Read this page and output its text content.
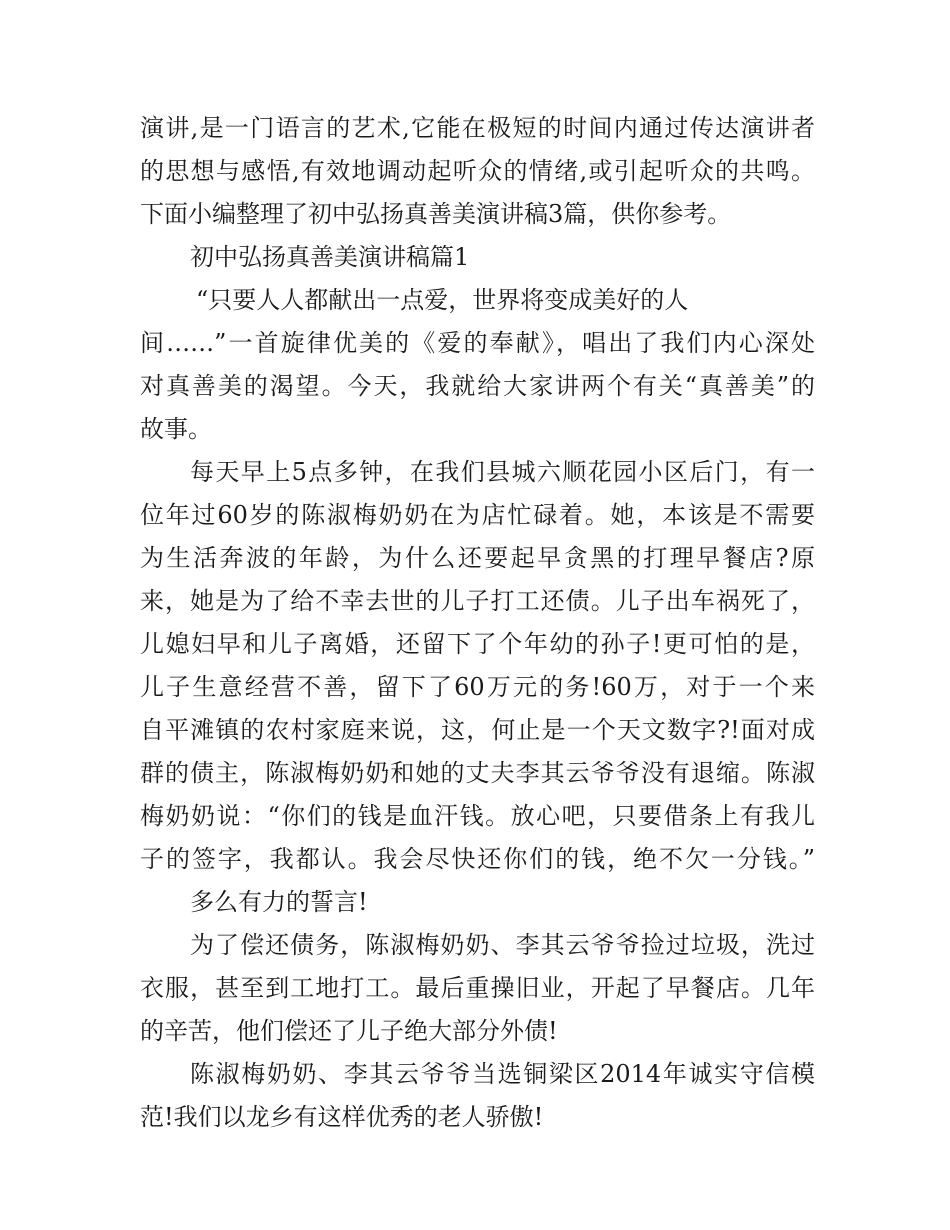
演讲,是一门语言的艺术,它能在极短的时间内通过传达演讲者
的思想与感悟,有效地调动起听众的情绪,或引起听众的共鸣。
下面小编整理了初中弘扬真善美演讲稿3篇，供你参考。
初中弘扬真善美演讲稿篇1
“只要人人都献出一点爱，世界将变成美好的人
间……”一首旋律优美的《爱的奉献》，唱出了我们内心深处
对真善美的渴望。今天，我就给大家讲两个有关“真善美”的
故事。
每天早上5点多钟，在我们县城六顺花园小区后门，有一
位年过60岁的陈淑梅奶奶在为店忙碌着。她，本该是不需要
为生活奔波的年龄，为什么还要起早贪黑的打理早餐店?原
来，她是为了给不幸去世的儿子打工还债。儿子出车祸死了，
儿媳妇早和儿子离婚，还留下了个年幼的孙子!更可怕的是，
儿子生意经营不善，留下了60万元的务!60万，对于一个来
自平滩镇的农村家庭来说，这，何止是一个天文数字?!面对成
群的债主，陈淑梅奶奶和她的丈夫李其云爷爷没有退缩。陈淑
梅奶奶说：“你们的钱是血汗钱。放心吧，只要借条上有我儿
子的签字，我都认。我会尽快还你们的钱，绝不欠一分钱。”
多么有力的誓言!
为了偿还债务，陈淑梅奶奶、李其云爷爷捡过垃圾，洗过
衣服，甚至到工地打工。最后重操旧业，开起了早餐店。几年
的辛苦，他们偿还了儿子绝大部分外债!
陈淑梅奶奶、李其云爷爷当选铜梁区2014年诚实守信模
范!我们以龙乡有这样优秀的老人骄傲!
